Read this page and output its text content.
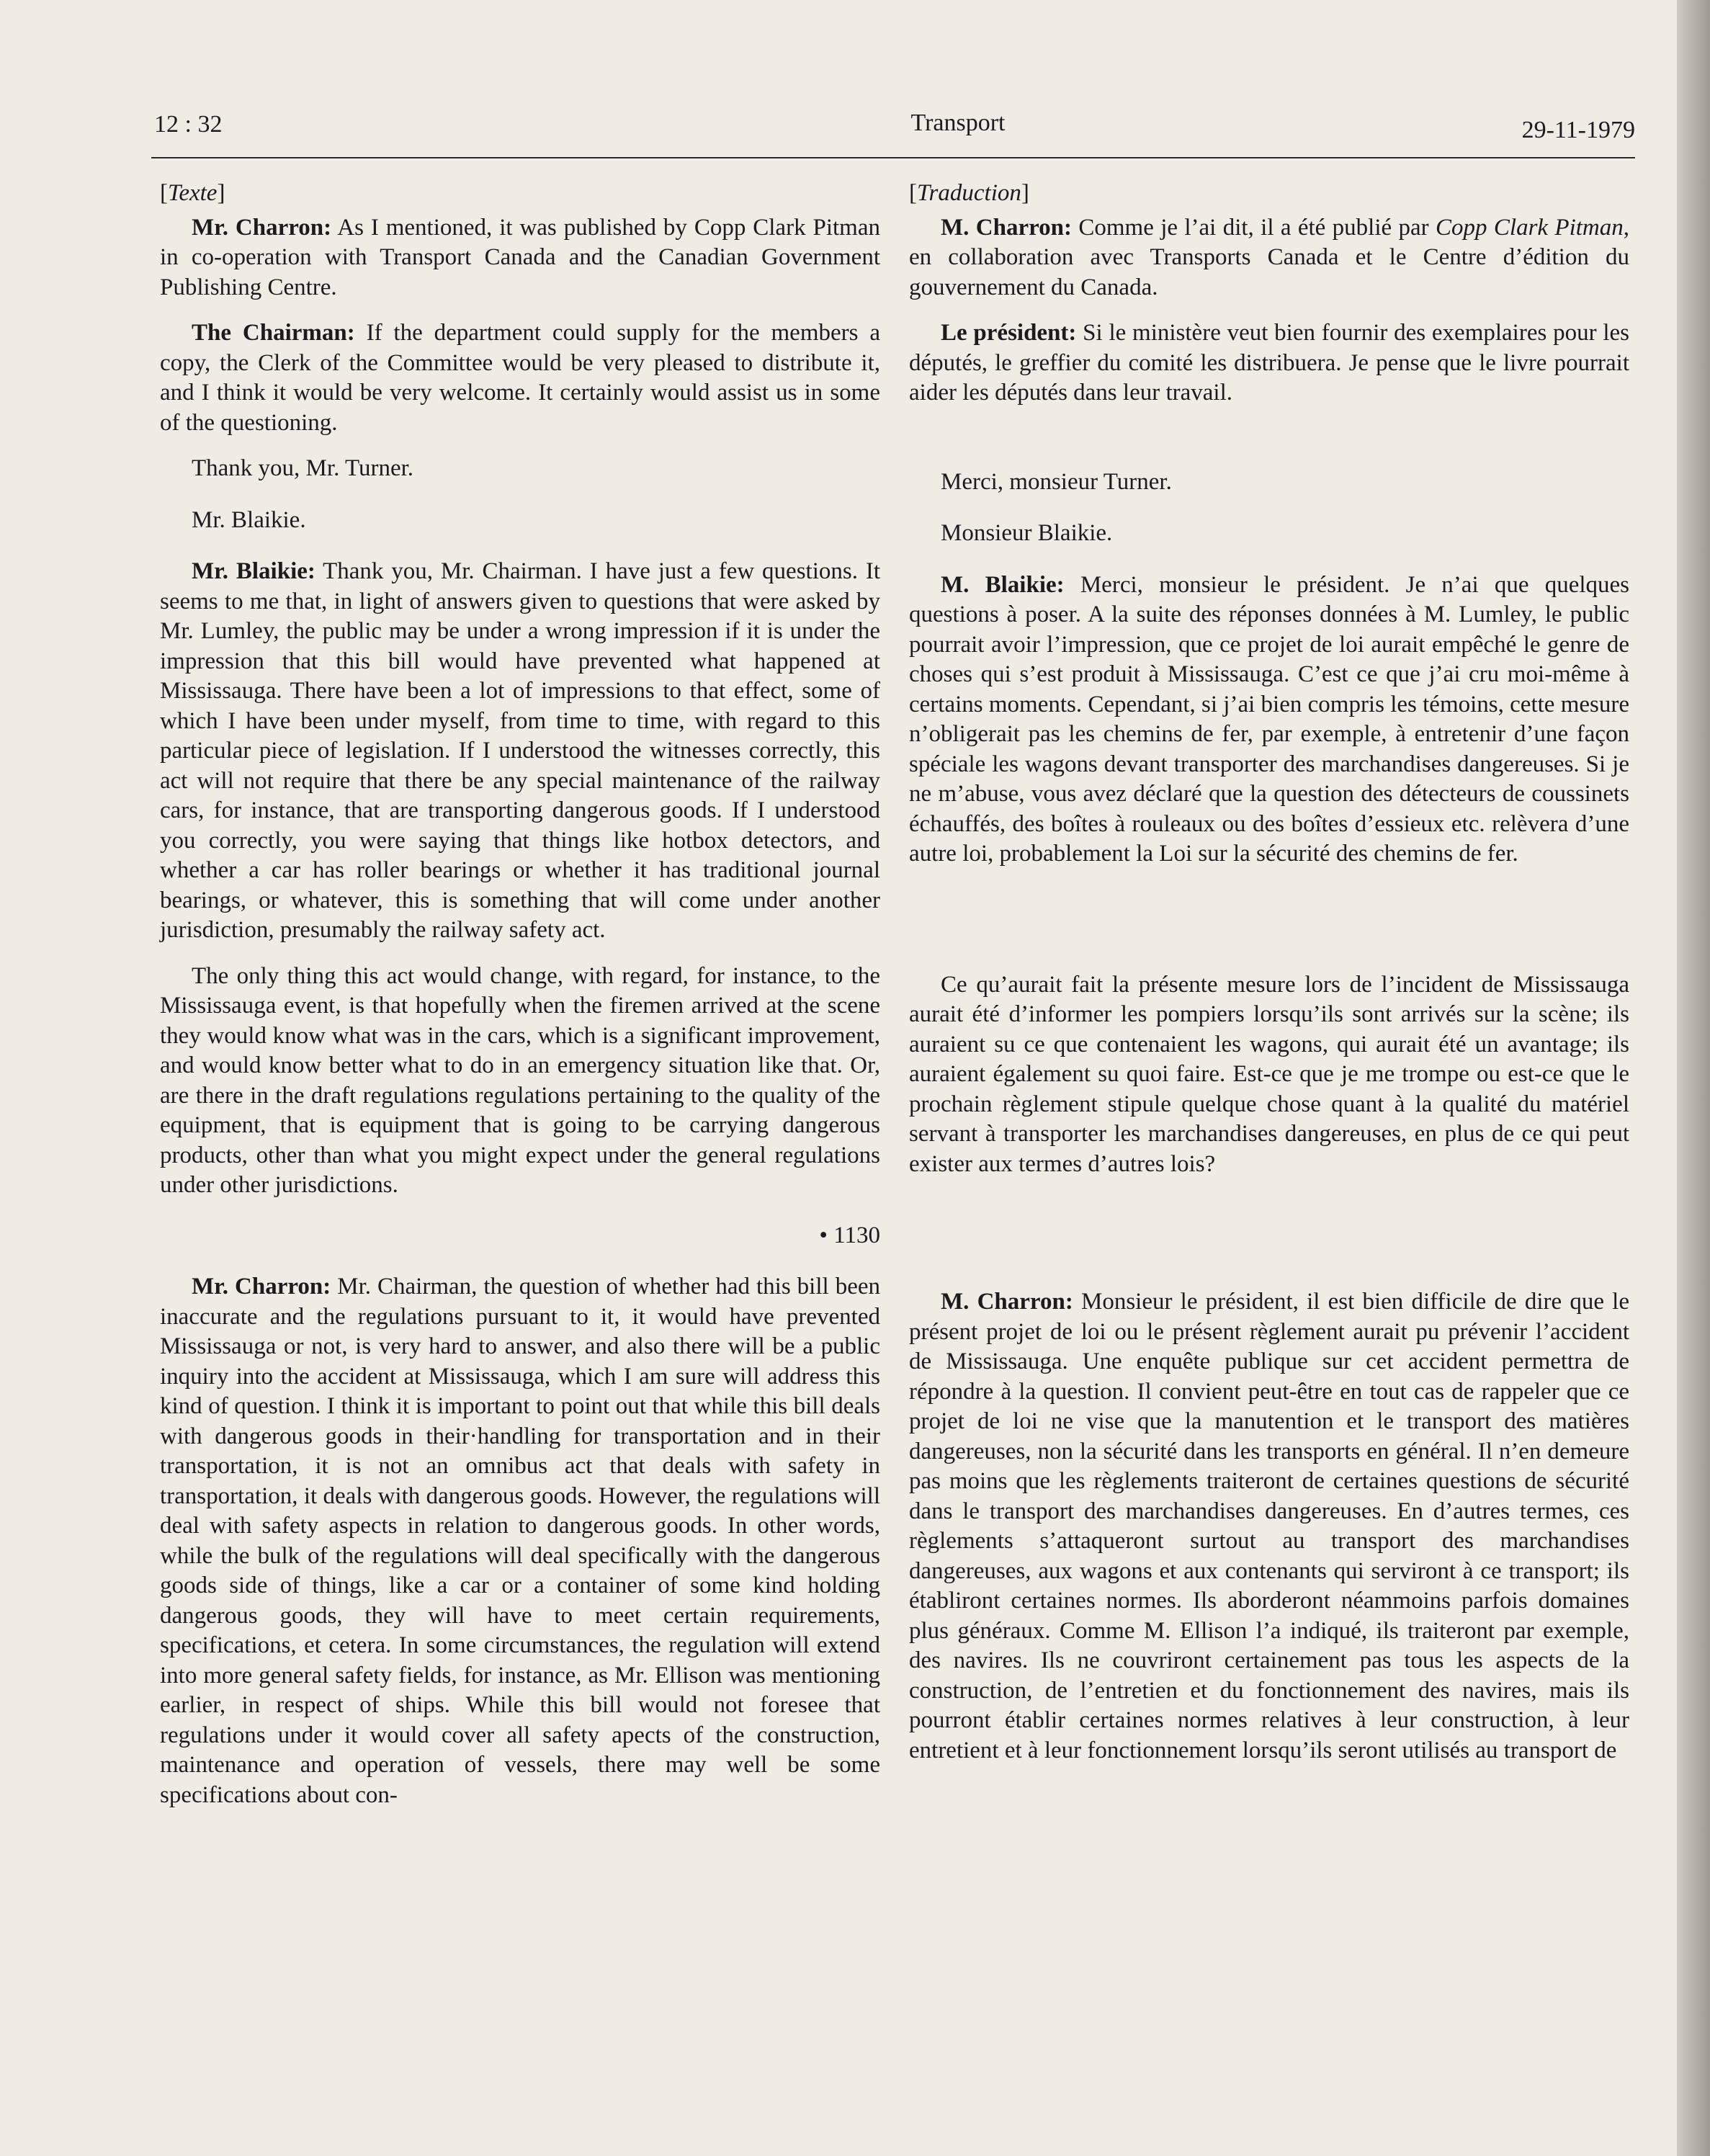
12 : 32	Transport	29-11-1979

[Texte]

Mr. Charron: As I mentioned, it was published by Copp Clark Pitman in co-operation with Transport Canada and the Canadian Government Publishing Centre.

The Chairman: If the department could supply for the members a copy, the Clerk of the Committee would be very pleased to distribute it, and I think it would be very welcome. It certainly would assist us in some of the questioning.

Thank you, Mr. Turner.

Mr. Blaikie.

Mr. Blaikie: Thank you, Mr. Chairman. I have just a few questions. It seems to me that, in light of answers given to questions that were asked by Mr. Lumley, the public may be under a wrong impression if it is under the impression that this bill would have prevented what happened at Mississauga. There have been a lot of impressions to that effect, some of which I have been under myself, from time to time, with regard to this particular piece of legislation. If I understood the witnesses correctly, this act will not require that there be any special maintenance of the railway cars, for instance, that are transporting dangerous goods. If I understood you correctly, you were saying that things like hotbox detectors, and whether a car has roller bearings or whether it has traditional journal bearings, or whatever, this is something that will come under another jurisdiction, presumably the railway safety act.

The only thing this act would change, with regard, for instance, to the Mississauga event, is that hopefully when the firemen arrived at the scene they would know what was in the cars, which is a significant improvement, and would know better what to do in an emergency situation like that. Or, are there in the draft regulations regulations pertaining to the quality of the equipment, that is equipment that is going to be carrying dangerous products, other than what you might expect under the general regulations under other jurisdictions.

• 1130

Mr. Charron: Mr. Chairman, the question of whether had this bill been inaccurate and the regulations pursuant to it, it would have prevented Mississauga or not, is very hard to answer, and also there will be a public inquiry into the accident at Mississauga, which I am sure will address this kind of question. I think it is important to point out that while this bill deals with dangerous goods in their·handling for transportation and in their transportation, it is not an omnibus act that deals with safety in transportation, it deals with dangerous goods. However, the regulations will deal with safety aspects in relation to dangerous goods. In other words, while the bulk of the regulations will deal specifically with the dangerous goods side of things, like a car or a container of some kind holding dangerous goods, they will have to meet certain requirements, specifications, et cetera. In some circumstances, the regulation will extend into more general safety fields, for instance, as Mr. Ellison was mentioning earlier, in respect of ships. While this bill would not foresee that regulations under it would cover all safety apects of the construction, maintenance and operation of vessels, there may well be some specifications about con-

[Traduction]

M. Charron: Comme je l’ai dit, il a été publié par Copp Clark Pitman, en collaboration avec Transports Canada et le Centre d’édition du gouvernement du Canada.

Le président: Si le ministère veut bien fournir des exemplaires pour les députés, le greffier du comité les distribuera. Je pense que le livre pourrait aider les députés dans leur travail.

Merci, monsieur Turner.

Monsieur Blaikie.

M. Blaikie: Merci, monsieur le président. Je n’ai que quelques questions à poser. A la suite des réponses données à M. Lumley, le public pourrait avoir l’impression, que ce projet de loi aurait empêché le genre de choses qui s’est produit à Mississauga. C’est ce que j’ai cru moi-même à certains moments. Cependant, si j’ai bien compris les témoins, cette mesure n’obligerait pas les chemins de fer, par exemple, à entretenir d’une façon spéciale les wagons devant transporter des marchandises dangereuses. Si je ne m’abuse, vous avez déclaré que la question des détecteurs de coussinets échauffés, des boîtes à rouleaux ou des boîtes d’essieux etc. relèvera d’une autre loi, probablement la Loi sur la sécurité des chemins de fer.

Ce qu’aurait fait la présente mesure lors de l’incident de Mississauga aurait été d’informer les pompiers lorsqu’ils sont arrivés sur la scène; ils auraient su ce que contenaient les wagons, qui aurait été un avantage; ils auraient également su quoi faire. Est-ce que je me trompe ou est-ce que le prochain règlement stipule quelque chose quant à la qualité du matériel servant à transporter les marchandises dangereuses, en plus de ce qui peut exister aux termes d’autres lois?

M. Charron: Monsieur le président, il est bien difficile de dire que le présent projet de loi ou le présent règlement aurait pu prévenir l’accident de Mississauga. Une enquête publique sur cet accident permettra de répondre à la question. Il convient peut-être en tout cas de rappeler que ce projet de loi ne vise que la manutention et le transport des matières dangereuses, non la sécurité dans les transports en général. Il n’en demeure pas moins que les règlements traiteront de certaines questions de sécurité dans le transport des marchandises dangereuses. En d’autres termes, ces règlements s’attaqueront surtout au transport des marchandises dangereuses, aux wagons et aux contenants qui serviront à ce transport; ils établiront certaines normes. Ils aborderont néammoins parfois domaines plus généraux. Comme M. Ellison l’a indiqué, ils traiteront par exemple, des navires. Ils ne couvriront certainement pas tous les aspects de la construction, de l’entretien et du fonctionnement des navires, mais ils pourront établir certaines normes relatives à leur construction, à leur entretient et à leur fonctionnement lorsqu’ils seront utilisés au transport de
